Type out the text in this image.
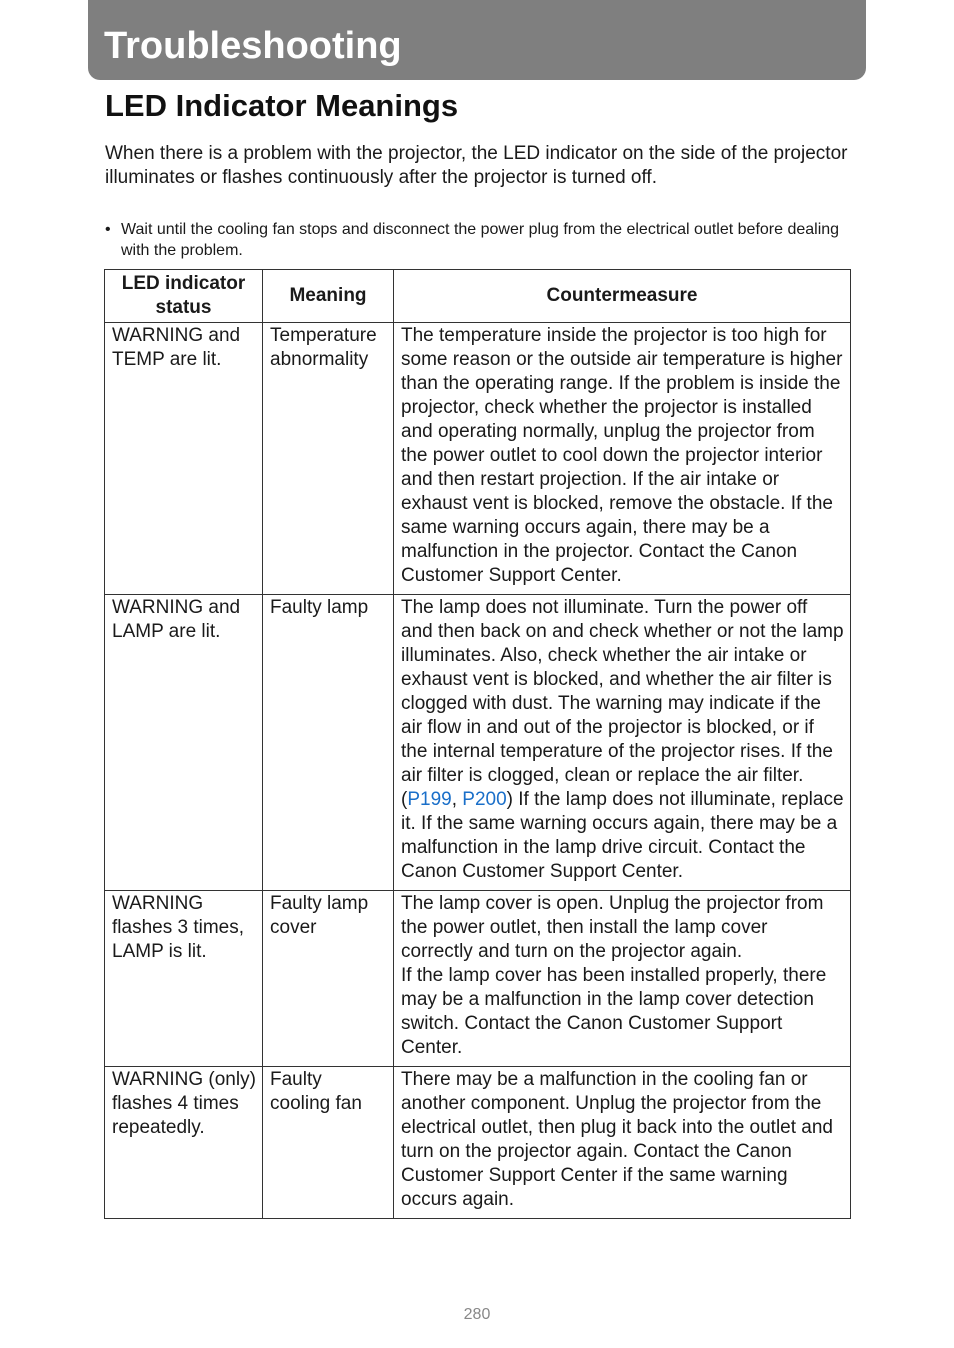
Troubleshooting
LED Indicator Meanings

When there is a problem with the projector, the LED indicator on the side of the projector illuminates or flashes continuously after the projector is turned off.

• Wait until the cooling fan stops and disconnect the power plug from the electrical outlet before dealing with the problem.
LED indicator status	Meaning	Countermeasure
WARNING and TEMP are lit.	Temperature abnormality	The temperature inside the projector is too high for some reason or the outside air temperature is higher than the operating range. If the problem is inside the projector, check whether the projector is installed and operating normally, unplug the projector from the power outlet to cool down the projector interior and then restart projection. If the air intake or exhaust vent is blocked, remove the obstacle. If the same warning occurs again, there may be a malfunction in the projector. Contact the Canon Customer Support Center.
WARNING and LAMP are lit.	Faulty lamp	The lamp does not illuminate. Turn the power off and then back on and check whether or not the lamp illuminates. Also, check whether the air intake or exhaust vent is blocked, and whether the air filter is clogged with dust. The warning may indicate if the air flow in and out of the projector is blocked, or if the internal temperature of the projector rises. If the air filter is clogged, clean or replace the air filter. (P199, P200) If the lamp does not illuminate, replace it. If the same warning occurs again, there may be a malfunction in the lamp drive circuit. Contact the Canon Customer Support Center.
WARNING flashes 3 times, LAMP is lit.	Faulty lamp cover	The lamp cover is open. Unplug the projector from the power outlet, then install the lamp cover correctly and turn on the projector again.
If the lamp cover has been installed properly, there may be a malfunction in the lamp cover detection switch. Contact the Canon Customer Support Center.

WARNING (only) flashes 4 times repeatedly.	Faulty cooling fan	There may be a malfunction in the cooling fan or another component. Unplug the projector from the electrical outlet, then plug it back into the outlet and turn on the projector again. Contact the Canon Customer Support Center if the same warning occurs again.
280
